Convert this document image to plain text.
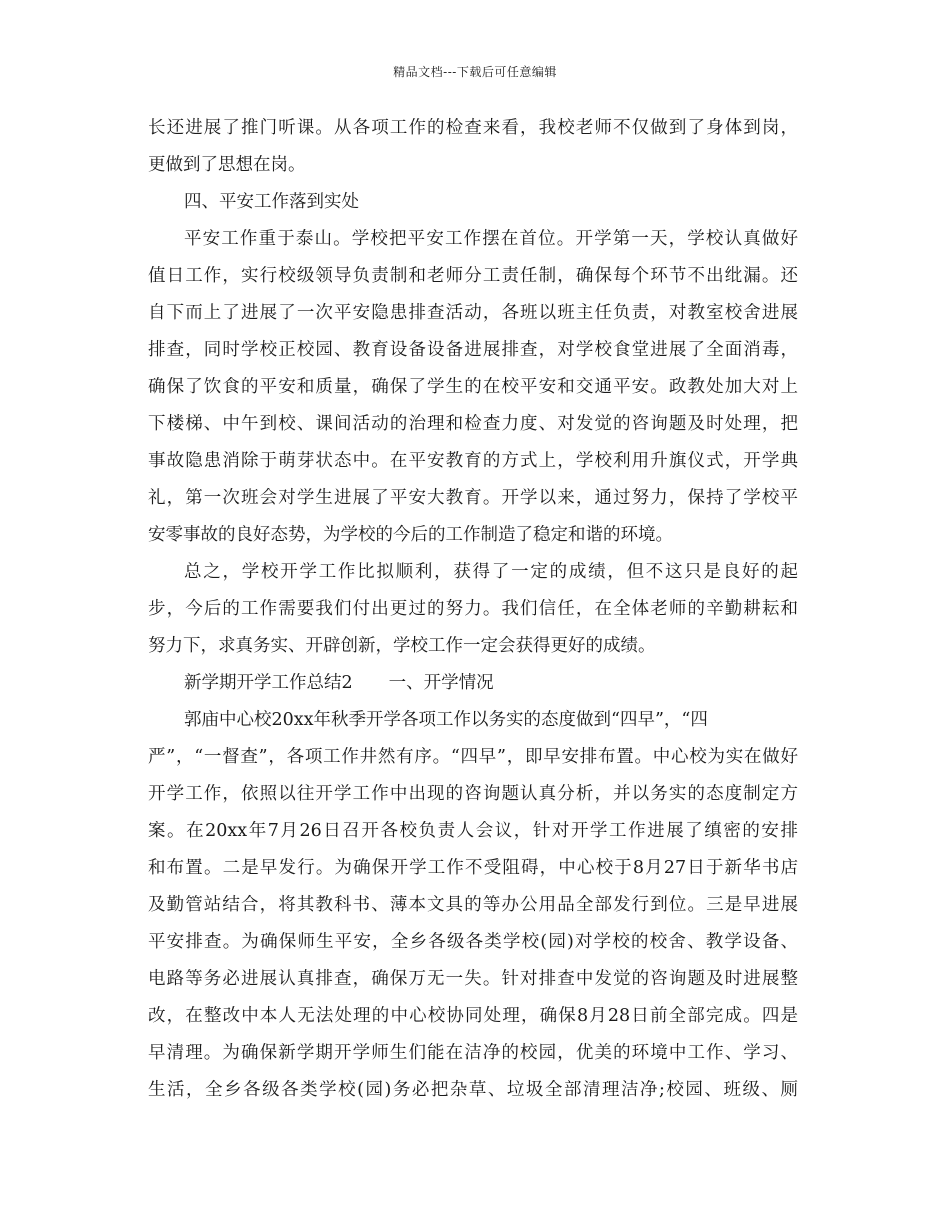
精品文档---下载后可任意编辑
长还进展了推门听课。从各项工作的检查来看，我校老师不仅做到了身体到岗，
更做到了思想在岗。
四、平安工作落到实处
平安工作重于泰山。学校把平安工作摆在首位。开学第一天，学校认真做好
值日工作，实行校级领导负责制和老师分工责任制，确保每个环节不出纰漏。还
自下而上了进展了一次平安隐患排查活动，各班以班主任负责，对教室校舍进展
排查，同时学校正校园、教育设备设备进展排查，对学校食堂进展了全面消毒，
确保了饮食的平安和质量，确保了学生的在校平安和交通平安。政教处加大对上
下楼梯、中午到校、课间活动的治理和检查力度、对发觉的咨询题及时处理，把
事故隐患消除于萌芽状态中。在平安教育的方式上，学校利用升旗仪式，开学典
礼，第一次班会对学生进展了平安大教育。开学以来，通过努力，保持了学校平
安零事故的良好态势，为学校的今后的工作制造了稳定和谐的环境。
总之，学校开学工作比拟顺利，获得了一定的成绩，但不这只是良好的起
步，今后的工作需要我们付出更过的努力。我们信任，在全体老师的辛勤耕耘和
努力下，求真务实、开辟创新，学校工作一定会获得更好的成绩。
新学期开学工作总结2 一、开学情况
郭庙中心校20xx年秋季开学各项工作以务实的态度做到“四早”，“四
严”，“一督查”，各项工作井然有序。“四早”，即早安排布置。中心校为实在做好
开学工作，依照以往开学工作中出现的咨询题认真分析，并以务实的态度制定方
案。在20xx年7月26日召开各校负责人会议，针对开学工作进展了缜密的安排
和布置。二是早发行。为确保开学工作不受阻碍，中心校于8月27日于新华书店
及勤管站结合，将其教科书、薄本文具的等办公用品全部发行到位。三是早进展
平安排查。为确保师生平安，全乡各级各类学校(园)对学校的校舍、教学设备、
电路等务必进展认真排查，确保万无一失。针对排查中发觉的咨询题及时进展整
改，在整改中本人无法处理的中心校协同处理，确保8月28日前全部完成。四是
早清理。为确保新学期开学师生们能在洁净的校园，优美的环境中工作、学习、
生活，全乡各级各类学校(园)务必把杂草、垃圾全部清理洁净;校园、班级、厕
